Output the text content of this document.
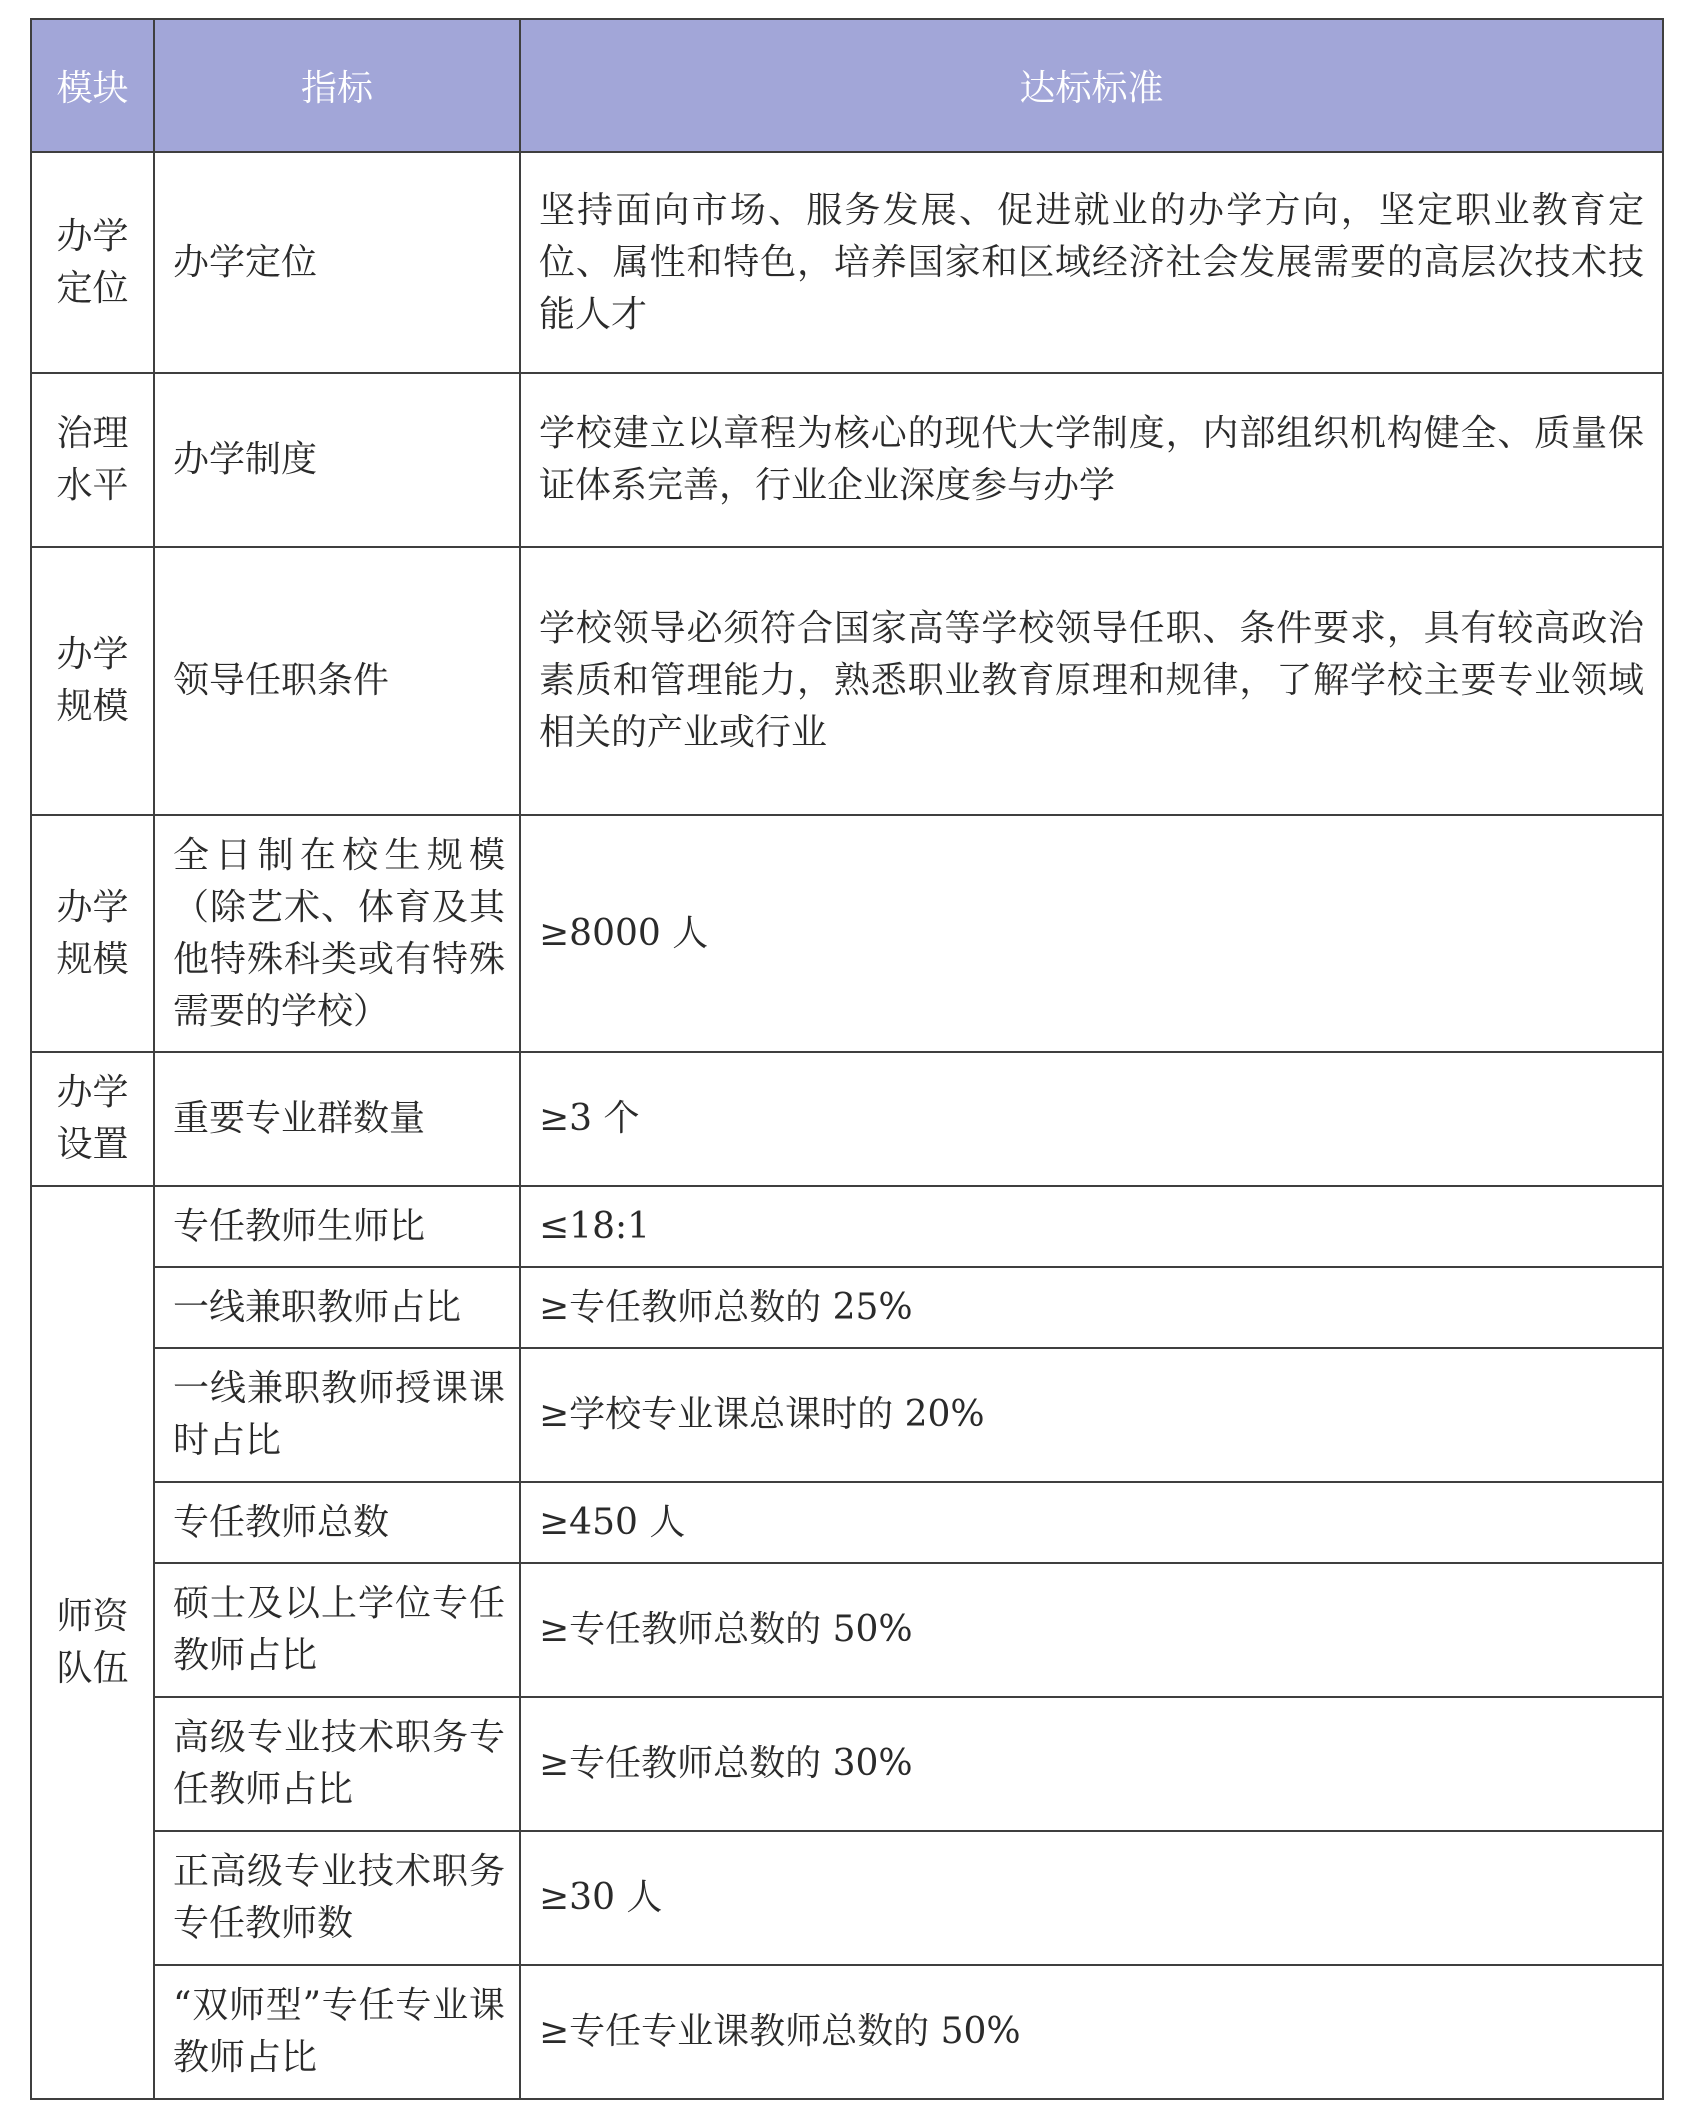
模块	指标	达标标准
办学定位	办学定位	坚持面向市场、服务发展、促进就业的办学方向，坚定职业教育定位、属性和特色，培养国家和区域经济社会发展需要的高层次技术技能人才
治理水平	办学制度	学校建立以章程为核心的现代大学制度，内部组织机构健全、质量保证体系完善，行业企业深度参与办学
办学规模	领导任职条件	学校领导必须符合国家高等学校领导任职、条件要求，具有较高政治素质和管理能力，熟悉职业教育原理和规律，了解学校主要专业领域相关的产业或行业
办学规模	全日制在校生规模（除艺术、体育及其他特殊科类或有特殊需要的学校）	≥8000 人
办学设置	重要专业群数量	≥3 个
师资队伍	专任教师生师比	≤18:1
	一线兼职教师占比	≥专任教师总数的 25%
	一线兼职教师授课课时占比	≥学校专业课总课时的 20%
	专任教师总数	≥450 人
	硕士及以上学位专任教师占比	≥专任教师总数的 50%
	高级专业技术职务专任教师占比	≥专任教师总数的 30%
	正高级专业技术职务专任教师数	≥30 人
	“双师型”专任专业课教师占比	≥专任专业课教师总数的 50%
